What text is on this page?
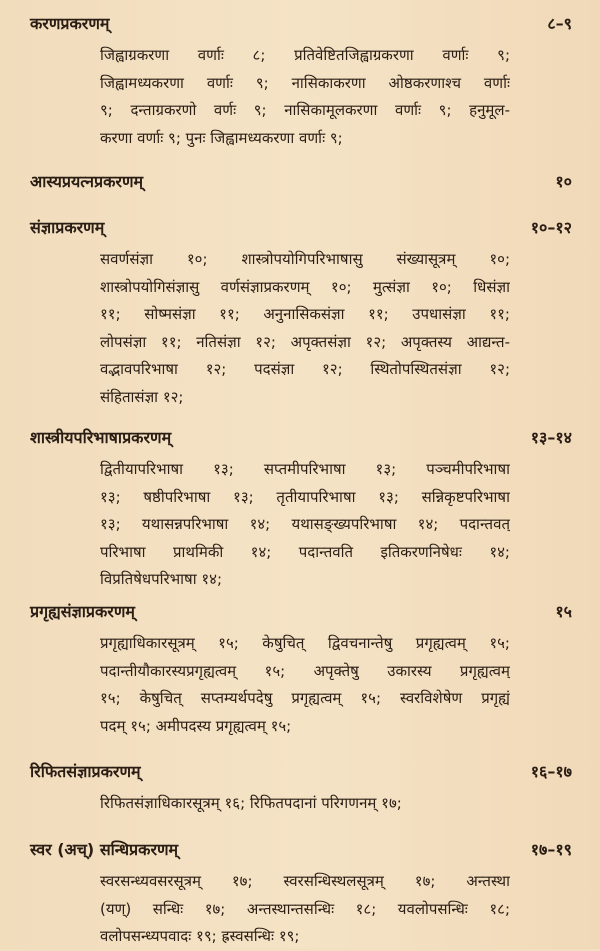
करणप्रकरणम्	८–९
जिह्वाग्रकरणा वर्णाः ८; प्रतिवेष्टितजिह्वाग्रकरणा वर्णाः ९;
जिह्वामध्यकरणा वर्णाः ९; नासिकाकरणा ओष्ठकरणाश्च वर्णाः
९; दन्ताग्रकरणो वर्णः ९; नासिकामूलकरणा वर्णाः ९; हनुमूल-
करणा वर्णाः ९; पुनः जिह्वामध्यकरणा वर्णाः ९;
आस्यप्रयत्नप्रकरणम्	१०
संज्ञाप्रकरणम्	१०–१२
सवर्णसंज्ञा १०; शास्त्रोपयोगिपरिभाषासु संख्यासूत्रम् १०;
शास्त्रोपयोगिसंज्ञासु वर्णसंज्ञाप्रकरणम् १०; मुत्संज्ञा १०; धिसंज्ञा
११; सोष्मसंज्ञा ११; अनुनासिकसंज्ञा ११; उपधासंज्ञा ११;
लोपसंज्ञा ११; नतिसंज्ञा १२; अपृक्तसंज्ञा १२; अपृक्तस्य आद्यन्त-
वद्भावपरिभाषा १२; पदसंज्ञा १२; स्थितोपस्थितसंज्ञा १२;
संहितासंज्ञा १२;
शास्त्रीयपरिभाषाप्रकरणम्	१३–१४
द्वितीयापरिभाषा १३; सप्तमीपरिभाषा १३; पञ्चमीपरिभाषा
१३; षष्ठीपरिभाषा १३; तृतीयापरिभाषा १३; सन्निकृष्टपरिभाषा
१३; यथासन्नपरिभाषा १४; यथासङ्ख्यपरिभाषा १४; पदान्तवत्
परिभाषा प्राथमिकी १४; पदान्तवति इतिकरणनिषेधः १४;
विप्रतिषेधपरिभाषा १४;
प्रगृह्यसंज्ञाप्रकरणम्	१५
प्रगृह्याधिकारसूत्रम् १५; केषुचित् द्विवचनान्तेषु प्रगृह्यत्वम् १५;
पदान्तीयौकारस्यप्रगृह्यत्वम् १५; अपृक्तेषु उकारस्य प्रगृह्यत्वम्
१५; केषुचित् सप्तम्यर्थपदेषु प्रगृह्यत्वम् १५; स्वरविशेषेण प्रगृह्यं
पदम् १५; अमीपदस्य प्रगृह्यत्वम् १५;
रिफितसंज्ञाप्रकरणम्	१६–१७
रिफितसंज्ञाधिकारसूत्रम् १६; रिफितपदानां परिगणनम् १७;
स्वर (अच्) सन्धिप्रकरणम्	१७–१९
स्वरसन्ध्यवसरसूत्रम् १७; स्वरसन्धिस्थलसूत्रम् १७; अन्तस्था
(यण्) सन्धिः १७; अन्तस्थान्तसन्धिः १८; यवलोपसन्धिः १८;
वलोपसन्ध्यपवादः १९; ह्रस्वसन्धिः १९;
